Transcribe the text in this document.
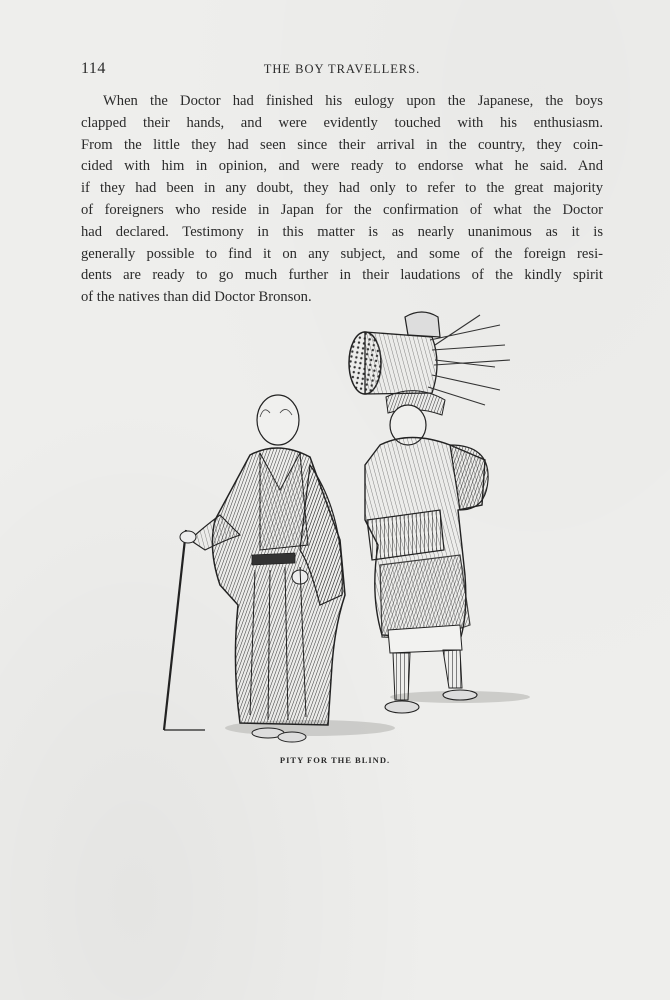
114	THE BOY TRAVELLERS.
When the Doctor had finished his eulogy upon the Japanese, the boys
clapped their hands, and were evidently touched with his enthusiasm.
From the little they had seen since their arrival in the country, they coin-
cided with him in opinion, and were ready to endorse what he said. And
if they had been in any doubt, they had only to refer to the great majority
of foreigners who reside in Japan for the confirmation of what the Doctor
had declared. Testimony in this matter is as nearly unanimous as it is
generally possible to find it on any subject, and some of the foreign resi-
dents are ready to go much further in their laudations of the kindly spirit
of the natives than did Doctor Bronson.
PITY FOR THE BLIND.
